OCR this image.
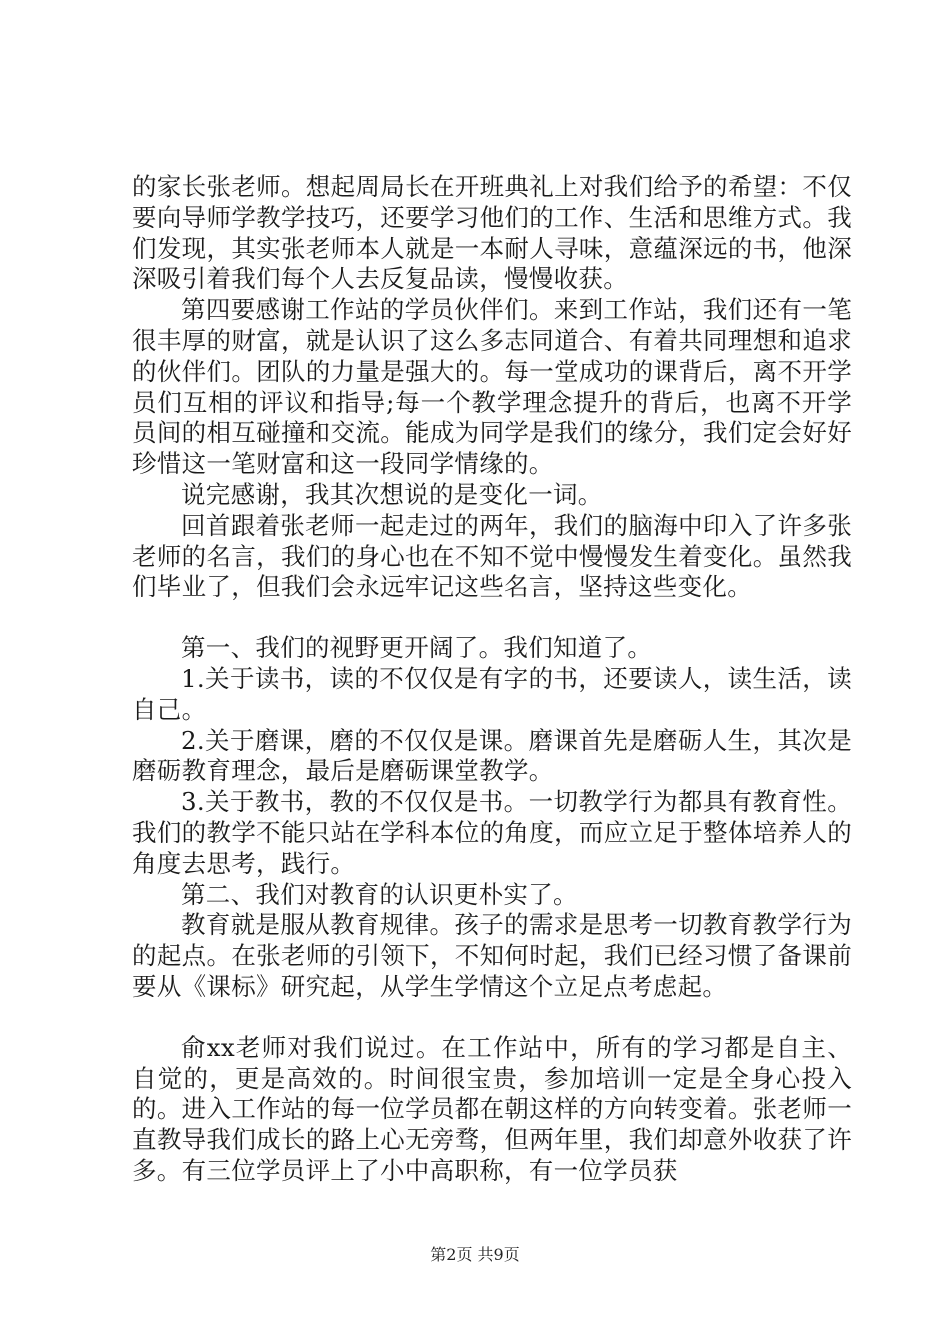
的家长张老师。想起周局长在开班典礼上对我们给予的希望：不仅要向导师学教学技巧，还要学习他们的工作、生活和思维方式。我们发现，其实张老师本人就是一本耐人寻味，意蕴深远的书，他深深吸引着我们每个人去反复品读，慢慢收获。

第四要感谢工作站的学员伙伴们。来到工作站，我们还有一笔很丰厚的财富，就是认识了这么多志同道合、有着共同理想和追求的伙伴们。团队的力量是强大的。每一堂成功的课背后，离不开学员们互相的评议和指导;每一个教学理念提升的背后，也离不开学员间的相互碰撞和交流。能成为同学是我们的缘分，我们定会好好珍惜这一笔财富和这一段同学情缘的。

说完感谢，我其次想说的是变化一词。

回首跟着张老师一起走过的两年，我们的脑海中印入了许多张老师的名言，我们的身心也在不知不觉中慢慢发生着变化。虽然我们毕业了，但我们会永远牢记这些名言，坚持这些变化。

第一、我们的视野更开阔了。我们知道了。

1.关于读书，读的不仅仅是有字的书，还要读人，读生活，读自己。

2.关于磨课，磨的不仅仅是课。磨课首先是磨砺人生，其次是磨砺教育理念，最后是磨砺课堂教学。

3.关于教书，教的不仅仅是书。一切教学行为都具有教育性。我们的教学不能只站在学科本位的角度，而应立足于整体培养人的角度去思考，践行。

第二、我们对教育的认识更朴实了。

教育就是服从教育规律。孩子的需求是思考一切教育教学行为的起点。在张老师的引领下，不知何时起，我们已经习惯了备课前要从《课标》研究起，从学生学情这个立足点考虑起。

俞xx老师对我们说过。在工作站中，所有的学习都是自主、自觉的，更是高效的。时间很宝贵，参加培训一定是全身心投入的。进入工作站的每一位学员都在朝这样的方向转变着。张老师一直教导我们成长的路上心无旁骛，但两年里，我们却意外收获了许多。有三位学员评上了小中高职称，有一位学员获

第2页 共9页
